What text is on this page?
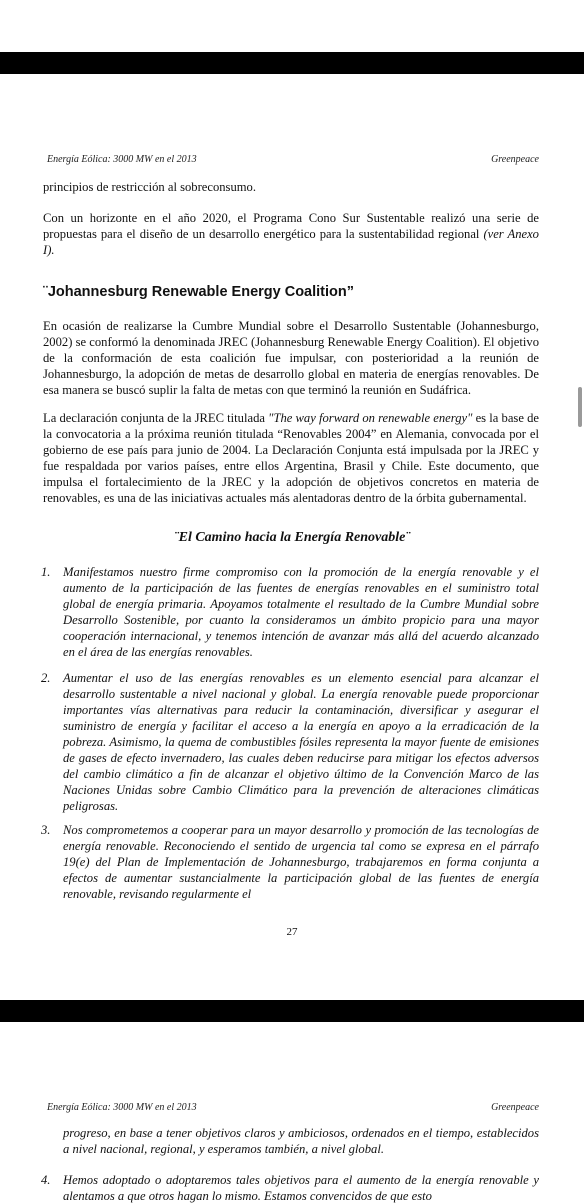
Energía Eólica: 3000 MW en el 2013	Greenpeace

principios de restricción al sobreconsumo.

Con un horizonte en el año 2020, el Programa Cono Sur Sustentable realizó una serie de propuestas para el diseño de un desarrollo energético para la sustentabilidad regional (ver Anexo I).

¨Johannesburg Renewable Energy Coalition”

En ocasión de realizarse la Cumbre Mundial sobre el Desarrollo Sustentable (Johannesburgo, 2002) se conformó la denominada JREC (Johannesburg Renewable Energy Coalition). El objetivo de la conformación de esta coalición fue impulsar, con posterioridad a la reunión de Johannesburgo, la adopción de metas de desarrollo global en materia de energías renovables. De esa manera se buscó suplir la falta de metas con que terminó la reunión en Sudáfrica.

La declaración conjunta de la JREC titulada "The way forward on renewable energy" es la base de la convocatoria a la próxima reunión titulada “Renovables 2004” en Alemania, convocada por el gobierno de ese país para junio de 2004. La Declaración Conjunta está impulsada por la JREC y fue respaldada por varios países, entre ellos Argentina, Brasil y Chile. Este documento, que impulsa el fortalecimiento de la JREC y la adopción de objetivos concretos en materia de renovables, es una de las iniciativas actuales más alentadoras dentro de la órbita gubernamental.

¨El Camino hacia la Energía Renovable¨
1. Manifestamos nuestro firme compromiso con la promoción de la energía renovable y el aumento de la participación de las fuentes de energías renovables en el suministro total global de energía primaria. Apoyamos totalmente el resultado de la Cumbre Mundial sobre Desarrollo Sostenible, por cuanto la consideramos un ámbito propicio para una mayor cooperación internacional, y tenemos intención de avanzar más allá del acuerdo alcanzado en el área de las energías renovables.
2. Aumentar el uso de las energías renovables es un elemento esencial para alcanzar el desarrollo sustentable a nivel nacional y global. La energía renovable puede proporcionar importantes vías alternativas para reducir la contaminación, diversificar y asegurar el suministro de energía y facilitar el acceso a la energía en apoyo a la erradicación de la pobreza. Asimismo, la quema de combustibles fósiles representa la mayor fuente de emisiones de gases de efecto invernadero, las cuales deben reducirse para mitigar los efectos adversos del cambio climático a fin de alcanzar el objetivo último de la Convención Marco de las Naciones Unidas sobre Cambio Climático para la prevención de alteraciones climáticas peligrosas.
3. Nos comprometemos a cooperar para un mayor desarrollo y promoción de las tecnologías de energía renovable. Reconociendo el sentido de urgencia tal como se expresa en el párrafo 19(e) del Plan de Implementación de Johannesburgo, trabajaremos en forma conjunta a efectos de aumentar sustancialmente la participación global de las fuentes de energía renovable, revisando regularmente el
27
Energía Eólica: 3000 MW en el 2013	Greenpeace
progreso, en base a tener objetivos claros y ambiciosos, ordenados en el tiempo, establecidos a nivel nacional, regional, y esperamos también, a nivel global.
4. Hemos adoptado o adoptaremos tales objetivos para el aumento de la energía renovable y alentamos a que otros hagan lo mismo. Estamos convencidos de que esto
